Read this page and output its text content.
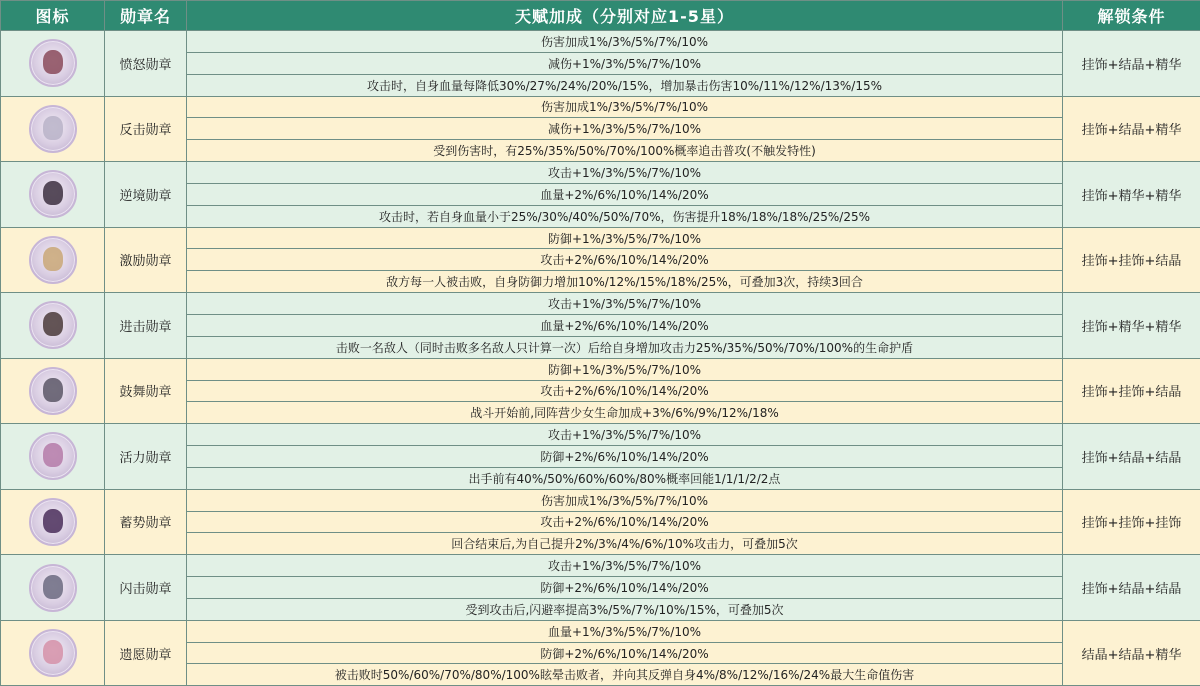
图标	勋章名	天赋加成（分别对应1-5星）	解锁条件

	愤怒勋章	伤害加成1%/3%/5%/7%/10%	挂饰+结晶+精华
		减伤+1%/3%/5%/7%/10%	
		攻击时，自身血量每降低30%/27%/24%/20%/15%，增加暴击伤害10%/11%/12%/13%/15%	

	反击勋章	伤害加成1%/3%/5%/7%/10%	挂饰+结晶+精华
		减伤+1%/3%/5%/7%/10%	
		受到伤害时，有25%/35%/50%/70%/100%概率追击普攻(不触发特性)	

	逆境勋章	攻击+1%/3%/5%/7%/10%	挂饰+精华+精华
		血量+2%/6%/10%/14%/20%	
		攻击时，若自身血量小于25%/30%/40%/50%/70%，伤害提升18%/18%/18%/25%/25%	

	激励勋章	防御+1%/3%/5%/7%/10%	挂饰+挂饰+结晶
		攻击+2%/6%/10%/14%/20%	
		敌方每一人被击败，自身防御力增加10%/12%/15%/18%/25%，可叠加3次，持续3回合	

	进击勋章	攻击+1%/3%/5%/7%/10%	挂饰+精华+精华
		血量+2%/6%/10%/14%/20%	
		击败一名敌人（同时击败多名敌人只计算一次）后给自身增加攻击力25%/35%/50%/70%/100%的生命护盾	

	鼓舞勋章	防御+1%/3%/5%/7%/10%	挂饰+挂饰+结晶
		攻击+2%/6%/10%/14%/20%	
		战斗开始前,同阵营少女生命加成+3%/6%/9%/12%/18%	

	活力勋章	攻击+1%/3%/5%/7%/10%	挂饰+结晶+结晶
		防御+2%/6%/10%/14%/20%	
		出手前有40%/50%/60%/60%/80%概率回能1/1/1/2/2点	

	蓄势勋章	伤害加成1%/3%/5%/7%/10%	挂饰+挂饰+挂饰
		攻击+2%/6%/10%/14%/20%	
		回合结束后,为自己提升2%/3%/4%/6%/10%攻击力，可叠加5次	

	闪击勋章	攻击+1%/3%/5%/7%/10%	挂饰+结晶+结晶
		防御+2%/6%/10%/14%/20%	
		受到攻击后,闪避率提高3%/5%/7%/10%/15%，可叠加5次	

	遗愿勋章	血量+1%/3%/5%/7%/10%	结晶+结晶+精华
		防御+2%/6%/10%/14%/20%	
		被击败时50%/60%/70%/80%/100%眩晕击败者，并向其反弹自身4%/8%/12%/16%/24%最大生命值伤害	
